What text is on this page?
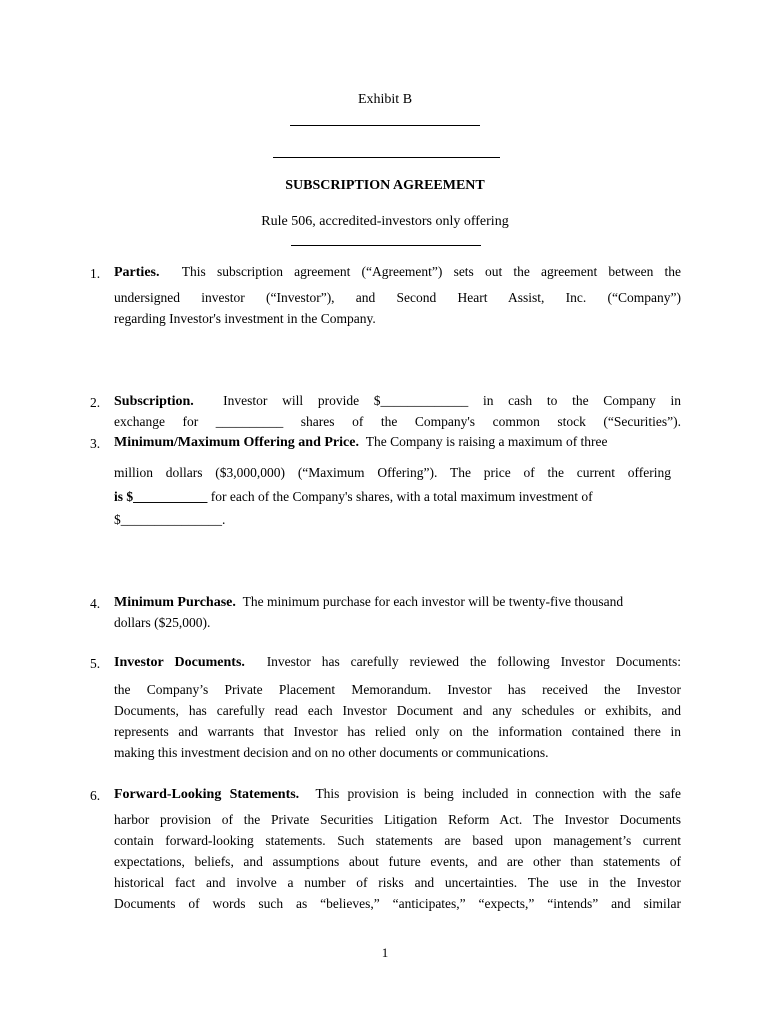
Exhibit B
SUBSCRIPTION AGREEMENT
Rule 506, accredited-investors only offering
1. Parties. This subscription agreement (“Agreement”) sets out the agreement between the
undersigned investor (“Investor”), and Second Heart Assist, Inc. (“Company”)
regarding Investor's investment in the Company.
2. Subscription. Investor will provide $_____________ in cash to the Company in
exchange for __________ shares of the Company's common stock (“Securities”).
3. Minimum/Maximum Offering and Price. The Company is raising a maximum of three
million dollars ($3,000,000) (“Maximum Offering”). The price of the current offering
is $___________ for each of the Company's shares, with a total maximum investment of
$_______________.
4. Minimum Purchase. The minimum purchase for each investor will be twenty-five thousand
dollars ($25,000).
5. Investor Documents. Investor has carefully reviewed the following Investor Documents:
the Company’s Private Placement Memorandum. Investor has received the Investor
Documents, has carefully read each Investor Document and any schedules or exhibits, and
represents and warrants that Investor has relied only on the information contained there in
making this investment decision and on no other documents or communications.
6. Forward-Looking Statements. This provision is being included in connection with the safe
harbor provision of the Private Securities Litigation Reform Act. The Investor Documents
contain forward-looking statements. Such statements are based upon management’s current
expectations, beliefs, and assumptions about future events, and are other than statements of
historical fact and involve a number of risks and uncertainties. The use in the Investor
Documents of words such as “believes,” “anticipates,” “expects,” “intends” and similar
1
